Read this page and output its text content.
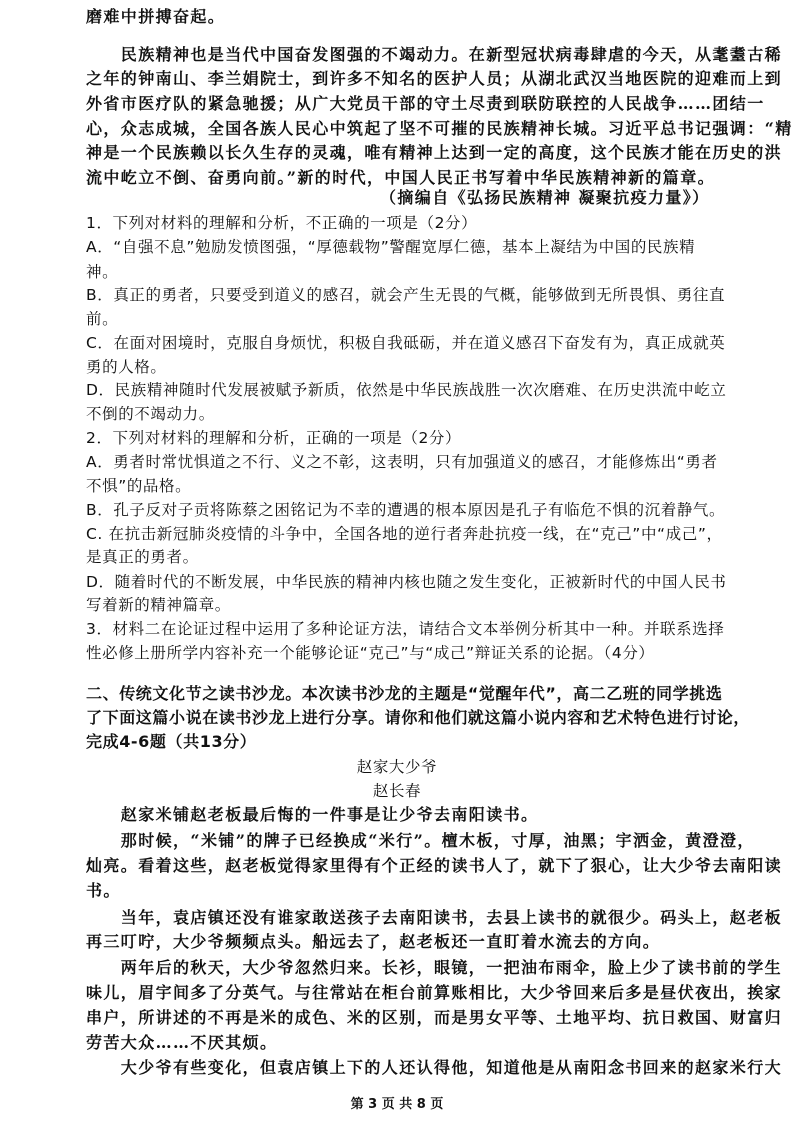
磨难中拼搏奋起。
　　民族精神也是当代中国奋发图强的不竭动力。在新型冠状病毒肆虐的今天，从耄耋古稀
之年的钟南山、李兰娟院士，到许多不知名的医护人员；从湖北武汉当地医院的迎难而上到
外省市医疗队的紧急驰援；从广大党员干部的守土尽责到联防联控的人民战争……团结一
心，众志成城，全国各族人民心中筑起了坚不可摧的民族精神长城。习近平总书记强调：“精
神是一个民族赖以长久生存的灵魂，唯有精神上达到一定的高度，这个民族才能在历史的洪
流中屹立不倒、奋勇向前。”新的时代，中国人民正书写着中华民族精神新的篇章。
（摘编自《弘扬民族精神 凝聚抗疫力量》）
1．下列对材料的理解和分析，不正确的一项是（2分）
A．“自强不息”勉励发愤图强，“厚德载物”警醒宽厚仁德，基本上凝结为中国的民族精
神。
B．真正的勇者，只要受到道义的感召，就会产生无畏的气概，能够做到无所畏惧、勇往直
前。
C．在面对困境时，克服自身烦忧，积极自我砥砺，并在道义感召下奋发有为，真正成就英
勇的人格。
D．民族精神随时代发展被赋予新质，依然是中华民族战胜一次次磨难、在历史洪流中屹立
不倒的不竭动力。
2．下列对材料的理解和分析，正确的一项是（2分）
A．勇者时常忧惧道之不行、义之不彰，这表明，只有加强道义的感召，才能修炼出“勇者
不惧”的品格。
B．孔子反对子贡将陈蔡之困铭记为不幸的遭遇的根本原因是孔子有临危不惧的沉着静气。
C. 在抗击新冠肺炎疫情的斗争中，全国各地的逆行者奔赴抗疫一线，在“克己”中“成己”，
是真正的勇者。
D．随着时代的不断发展，中华民族的精神内核也随之发生变化，正被新时代的中国人民书
写着新的精神篇章。
3．材料二在论证过程中运用了多种论证方法，请结合文本举例分析其中一种。并联系选择
性必修上册所学内容补充一个能够论证“克己”与“成己”辩证关系的论据。（4分）
二、传统文化节之读书沙龙。本次读书沙龙的主题是“觉醒年代”，高二乙班的同学挑选
了下面这篇小说在读书沙龙上进行分享。请你和他们就这篇小说内容和艺术特色进行讨论，
完成4-6题（共13分）
赵家大少爷
赵长春
　　赵家米铺赵老板最后悔的一件事是让少爷去南阳读书。
　　那时候，“米铺”的牌子已经换成“米行”。檀木板，寸厚，油黑；宇洒金，黄澄澄，
灿亮。看着这些，赵老板觉得家里得有个正经的读书人了，就下了狠心，让大少爷去南阳读
书。
　　当年，袁店镇还没有谁家敢送孩子去南阳读书，去县上读书的就很少。码头上，赵老板
再三叮咛，大少爷频频点头。船远去了，赵老板还一直盯着水流去的方向。
　　两年后的秋天，大少爷忽然归来。长衫，眼镜，一把油布雨伞，脸上少了读书前的学生
味儿，眉宇间多了分英气。与往常站在柜台前算账相比，大少爷回来后多是昼伏夜出，挨家
串户，所讲述的不再是米的成色、米的区别，而是男女平等、土地平均、抗日救国、财富归
劳苦大众……不厌其烦。
　　大少爷有些变化，但袁店镇上下的人还认得他，知道他是从南阳念书回来的赵家米行大
第 3 页 共 8 页
